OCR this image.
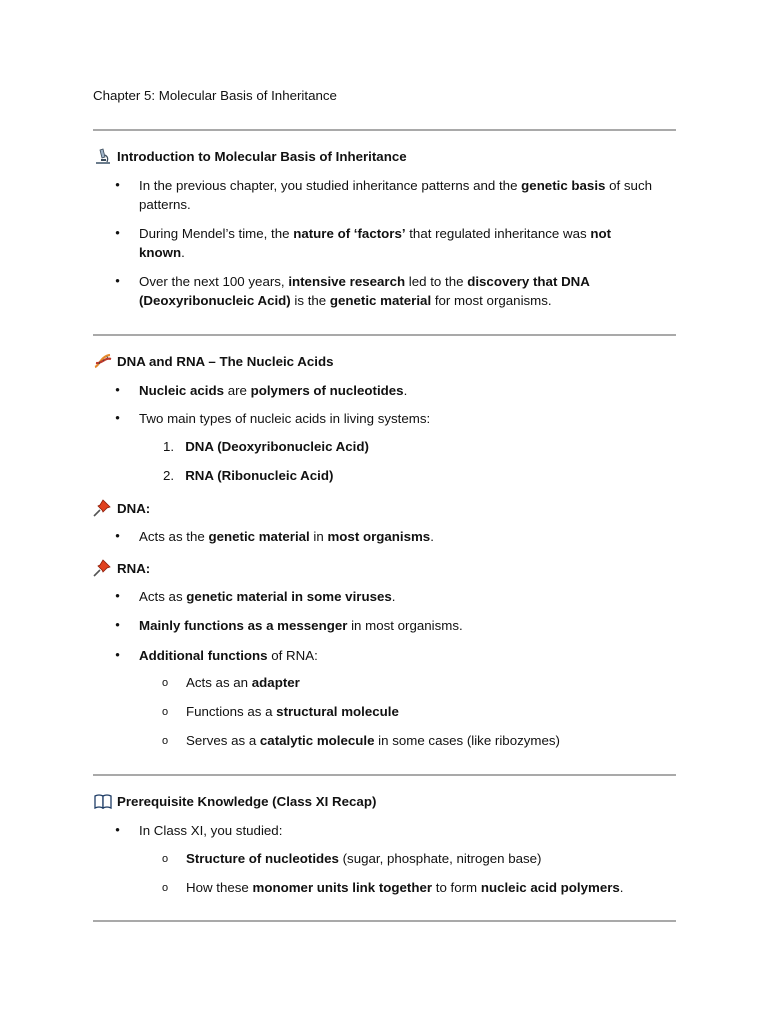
Chapter 5: Molecular Basis of Inheritance
Introduction to Molecular Basis of Inheritance
• In the previous chapter, you studied inheritance patterns and the genetic basis of such patterns.
• During Mendel’s time, the nature of ‘factors’ that regulated inheritance was not known.
• Over the next 100 years, intensive research led to the discovery that DNA (Deoxyribonucleic Acid) is the genetic material for most organisms.
DNA and RNA – The Nucleic Acids
• Nucleic acids are polymers of nucleotides.
• Two main types of nucleic acids in living systems:
1. DNA (Deoxyribonucleic Acid)
2. RNA (Ribonucleic Acid)
DNA:
• Acts as the genetic material in most organisms.
RNA:
• Acts as genetic material in some viruses.
• Mainly functions as a messenger in most organisms.
• Additional functions of RNA:
o Acts as an adapter
o Functions as a structural molecule
o Serves as a catalytic molecule in some cases (like ribozymes)
Prerequisite Knowledge (Class XI Recap)
• In Class XI, you studied:
o Structure of nucleotides (sugar, phosphate, nitrogen base)
o How these monomer units link together to form nucleic acid polymers.
